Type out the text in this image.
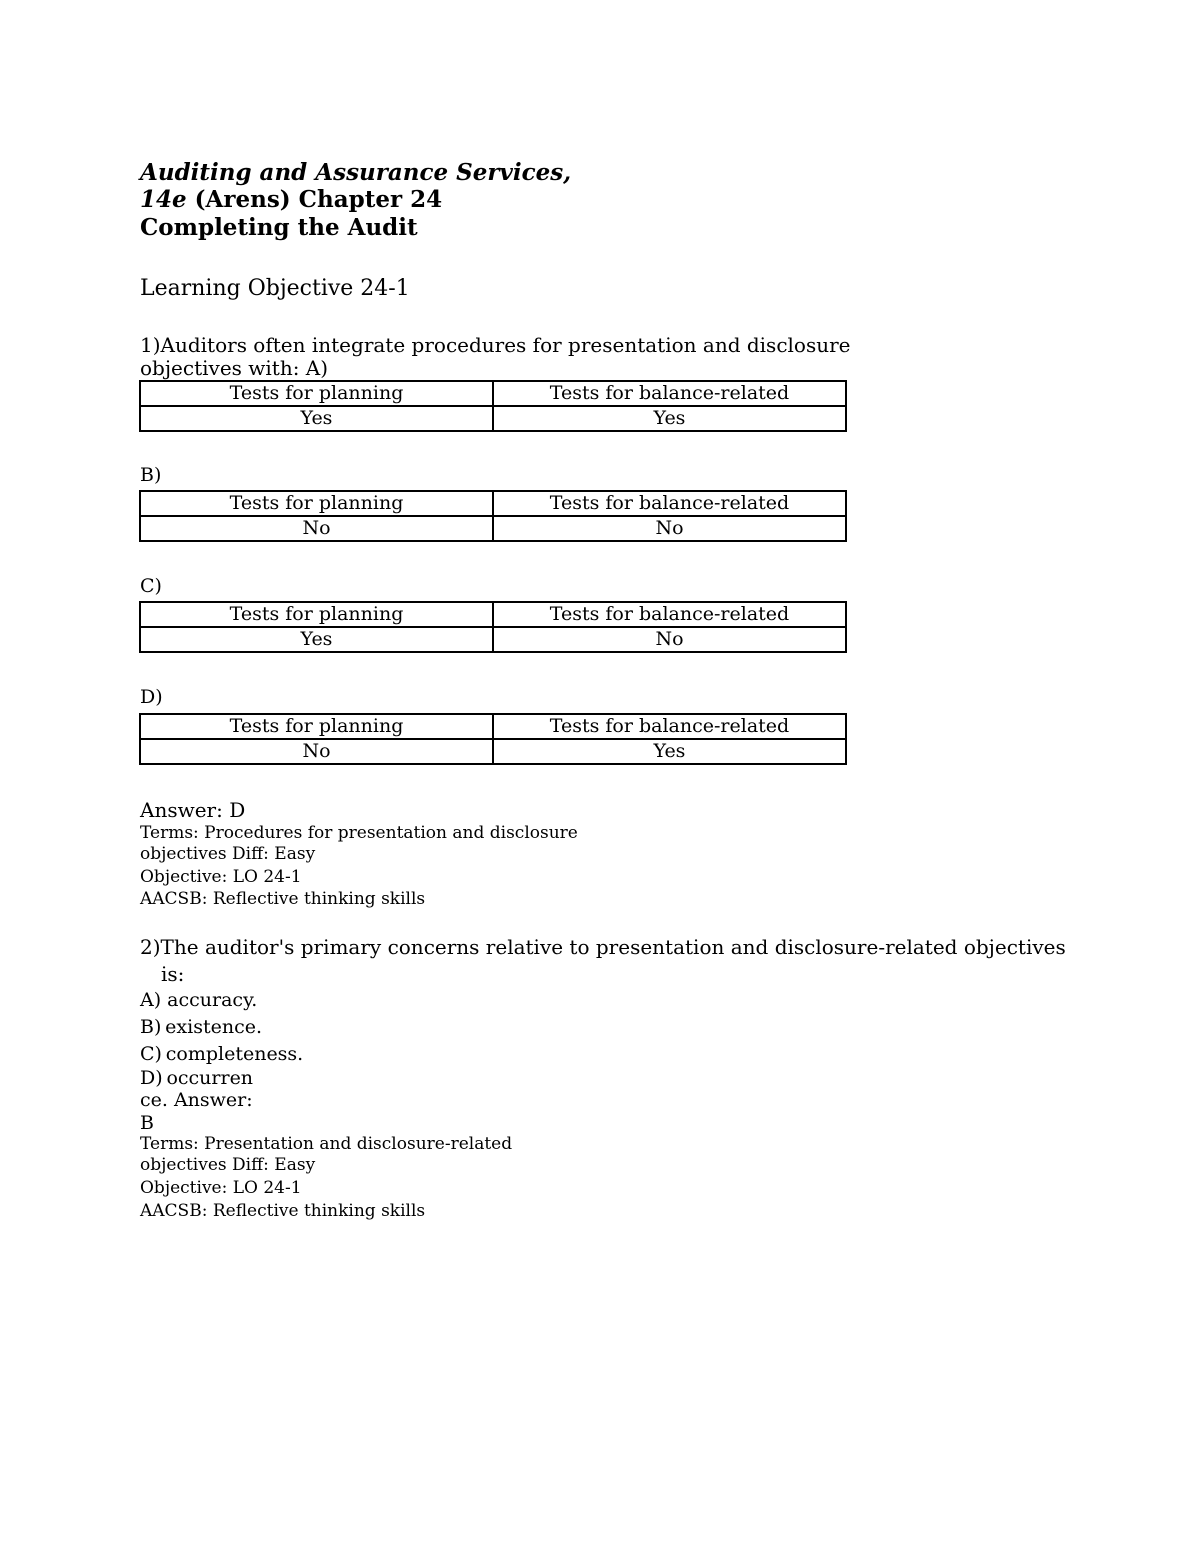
Auditing and Assurance Services,
14e (Arens) Chapter 24
Completing the Audit
Learning Objective 24-1
1)Auditors often integrate procedures for presentation and disclosure
objectives with: A)
Tests for planning	Tests for balance-related
Yes	Yes
B)
Tests for planning	Tests for balance-related
No	No
C)
Tests for planning	Tests for balance-related
Yes	No
D)
Tests for planning	Tests for balance-related
No	Yes
Answer: D
Terms: Procedures for presentation and disclosure
objectives Diff: Easy
Objective: LO 24-1
AACSB: Reflective thinking skills
2)The auditor's primary concerns relative to presentation and disclosure-related objectives
is:
A) accuracy.
B) existence.
C) completeness.
D) occurren
ce. Answer:
B
Terms: Presentation and disclosure-related
objectives Diff: Easy
Objective: LO 24-1
AACSB: Reflective thinking skills
